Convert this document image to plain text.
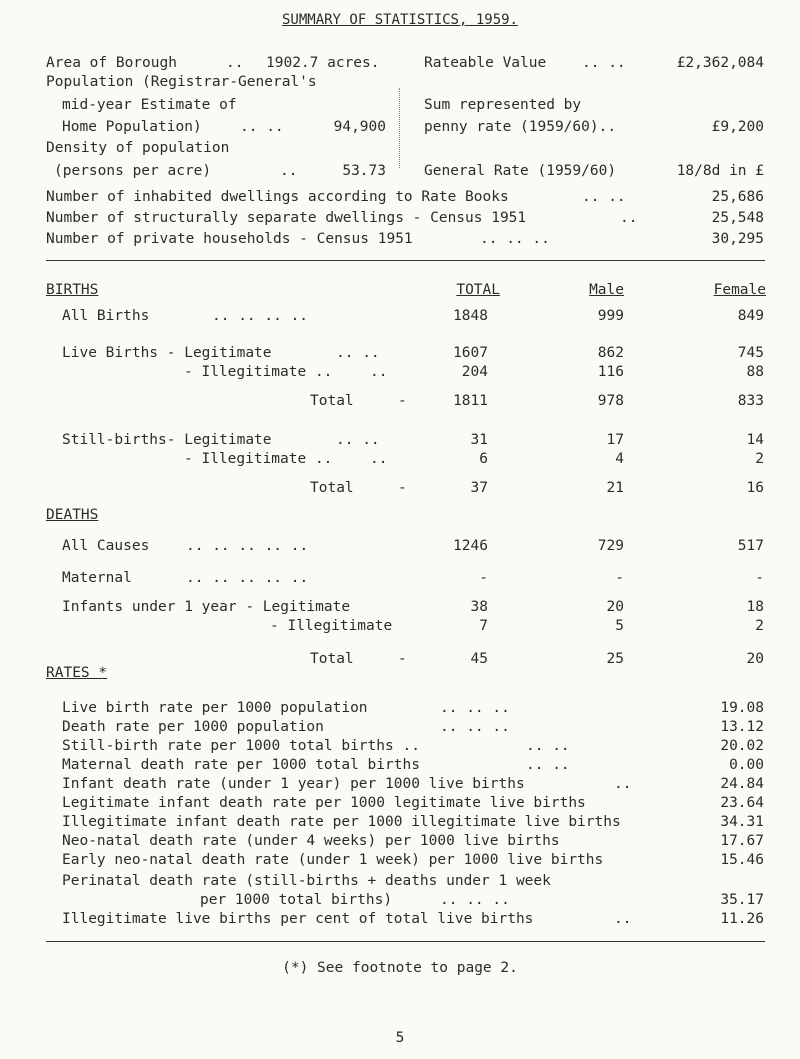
SUMMARY OF STATISTICS, 1959.
Area of Borough	.. 1902.7 acres.
Population (Registrar-General's
mid-year Estimate of
Home Population)	.. ..	94,900
Density of population
(persons per acre)	..	53.73
Rateable Value .. ..	£2,362,084
Sum represented by
penny rate (1959/60)..	£9,200
General Rate (1959/60)	18/8d in £
Number of inhabited dwellings according to Rate Books	.. ..	25,686
Number of structurally separate dwellings - Census 1951	..	25,548
Number of private households - Census 1951	.. .. ..	30,295
BIRTHS	TOTAL	Male	Female
All Births	.. .. .. ..	1848	999	849
Live Births - Legitimate	.. ..	1607	862	745
- Illegitimate ..	..	204	116	88
Total	-	1811	978	833
Still-births- Legitimate	.. ..	31	17	14
- Illegitimate ..	..	6	4	2
Total	-	37	21	16
DEATHS
All Causes	.. .. .. .. ..	1246	729	517
Maternal	.. .. .. .. ..	-	-	-
Infants under 1 year - Legitimate	38	20	18
- Illegitimate	7	5	2
Total	-	45	25	20
RATES *
Live birth rate per 1000 population	.. .. ..	19.08
Death rate per 1000 population	.. .. ..	13.12
Still-birth rate per 1000 total births ..	.. ..	20.02
Maternal death rate per 1000 total births	.. ..	0.00
Infant death rate (under 1 year) per 1000 live births	..	24.84
Legitimate infant death rate per 1000 legitimate live births	23.64
Illegitimate infant death rate per 1000 illegitimate live births	34.31
Neo-natal death rate (under 4 weeks) per 1000 live births	17.67
Early neo-natal death rate (under 1 week) per 1000 live births	15.46
Perinatal death rate (still-births + deaths under 1 week
per 1000 total births)	.. .. ..	35.17
Illegitimate live births per cent of total live births	..	11.26
(*) See footnote to page 2.
5
